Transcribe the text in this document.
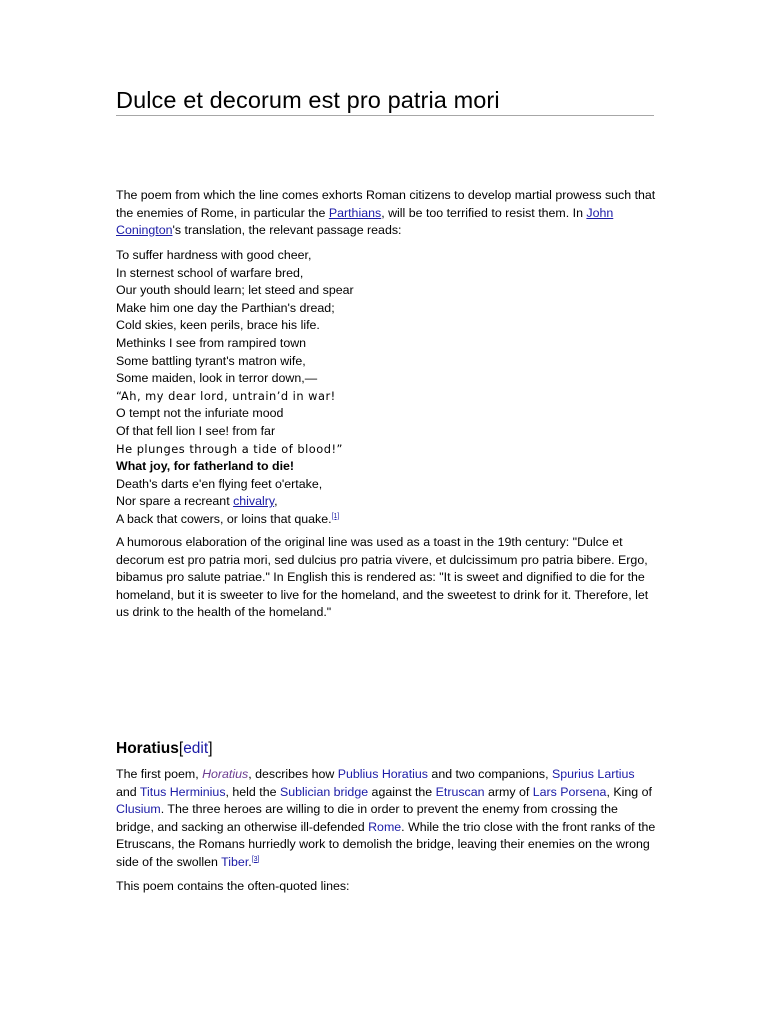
Dulce et decorum est pro patria mori

The poem from which the line comes exhorts Roman citizens to develop martial prowess such that the enemies of Rome, in particular the Parthians, will be too terrified to resist them. In John Conington's translation, the relevant passage reads:

To suffer hardness with good cheer,
In sternest school of warfare bred,
Our youth should learn; let steed and spear
Make him one day the Parthian's dread;
Cold skies, keen perils, brace his life.
Methinks I see from rampired town
Some battling tyrant's matron wife,
Some maiden, look in terror down,—
“Ah, my dear lord, untrain’d in war!
O tempt not the infuriate mood
Of that fell lion I see! from far
He plunges through a tide of blood!”
What joy, for fatherland to die!
Death's darts e'en flying feet o'ertake,
Nor spare a recreant chivalry,
A back that cowers, or loins that quake.[1]

A humorous elaboration of the original line was used as a toast in the 19th century: "Dulce et decorum est pro patria mori, sed dulcius pro patria vivere, et dulcissimum pro patria bibere. Ergo, bibamus pro salute patriae." In English this is rendered as: "It is sweet and dignified to die for the homeland, but it is sweeter to live for the homeland, and the sweetest to drink for it. Therefore, let us drink to the health of the homeland."

Horatius[edit]

The first poem, Horatius, describes how Publius Horatius and two companions, Spurius Lartius and Titus Herminius, held the Sublician bridge against the Etruscan army of Lars Porsena, King of Clusium. The three heroes are willing to die in order to prevent the enemy from crossing the bridge, and sacking an otherwise ill-defended Rome. While the trio close with the front ranks of the Etruscans, the Romans hurriedly work to demolish the bridge, leaving their enemies on the wrong side of the swollen Tiber.[3]

This poem contains the often-quoted lines:
